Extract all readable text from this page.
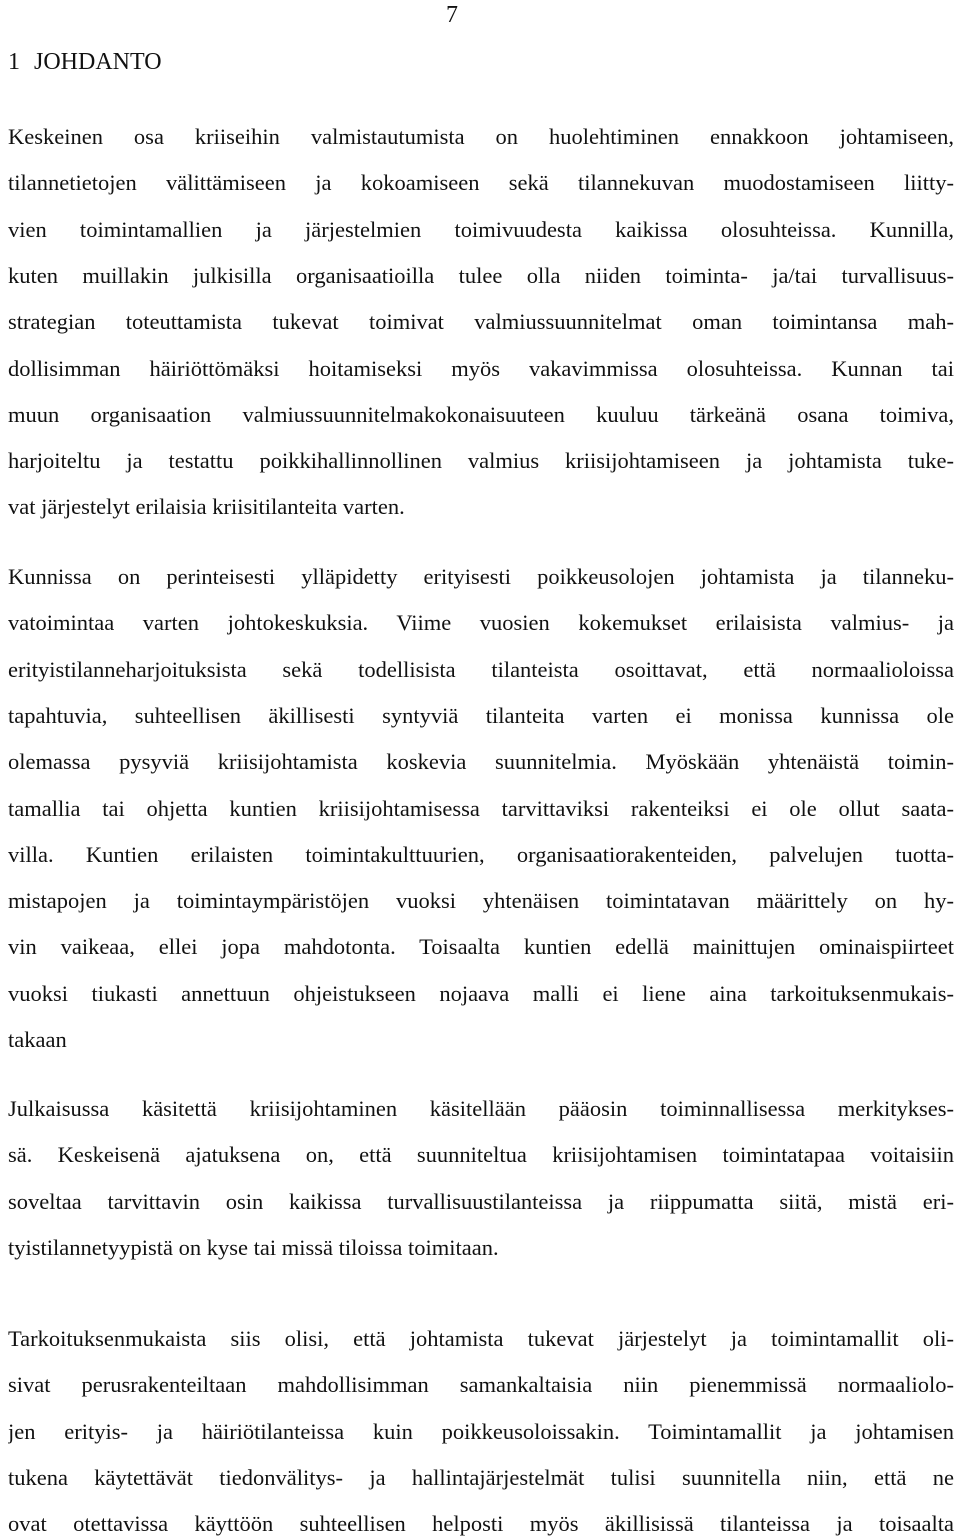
7
1 JOHDANTO
Keskeinen osa kriiseihin valmistautumista on huolehtiminen ennakkoon johtamiseen,
tilannetietojen välittämiseen ja kokoamiseen sekä tilannekuvan muodostamiseen liitty-
vien toimintamallien ja järjestelmien toimivuudesta kaikissa olosuhteissa. Kunnilla,
kuten muillakin julkisilla organisaatioilla tulee olla niiden toiminta- ja/tai turvallisuus-
strategian toteuttamista tukevat toimivat valmiussuunnitelmat oman toimintansa mah-
dollisimman häiriöttömäksi hoitamiseksi myös vakavimmissa olosuhteissa. Kunnan tai
muun organisaation valmiussuunnitelmakokonaisuuteen kuuluu tärkeänä osana toimiva,
harjoiteltu ja testattu poikkihallinnollinen valmius kriisijohtamiseen ja johtamista tuke-
vat järjestelyt erilaisia kriisitilanteita varten.
Kunnissa on perinteisesti ylläpidetty erityisesti poikkeusolojen johtamista ja tilanneku-
vatoimintaa varten johtokeskuksia. Viime vuosien kokemukset erilaisista valmius- ja
erityistilanneharjoituksista sekä todellisista tilanteista osoittavat, että normaalioloissa
tapahtuvia, suhteellisen äkillisesti syntyviä tilanteita varten ei monissa kunnissa ole
olemassa pysyviä kriisijohtamista koskevia suunnitelmia. Myöskään yhtenäistä toimin-
tamallia tai ohjetta kuntien kriisijohtamisessa tarvittaviksi rakenteiksi ei ole ollut saata-
villa. Kuntien erilaisten toimintakulttuurien, organisaatiorakenteiden, palvelujen tuotta-
mistapojen ja toimintaympäristöjen vuoksi yhtenäisen toimintatavan määrittely on hy-
vin vaikeaa, ellei jopa mahdotonta. Toisaalta kuntien edellä mainittujen ominaispiirteet
vuoksi tiukasti annettuun ohjeistukseen nojaava malli ei liene aina tarkoituksenmukais-
takaan
Julkaisussa käsitettä kriisijohtaminen käsitellään pääosin toiminnallisessa merkitykses-
sä. Keskeisenä ajatuksena on, että suunniteltua kriisijohtamisen toimintatapaa voitaisiin
soveltaa tarvittavin osin kaikissa turvallisuustilanteissa ja riippumatta siitä, mistä eri-
tyistilannetyypistä on kyse tai missä tiloissa toimitaan.
Tarkoituksenmukaista siis olisi, että johtamista tukevat järjestelyt ja toimintamallit oli-
sivat perusrakenteiltaan mahdollisimman samankaltaisia niin pienemmissä normaaliolo-
jen erityis- ja häiriötilanteissa kuin poikkeusoloissakin. Toimintamallit ja johtamisen
tukena käytettävät tiedonvälitys- ja hallintajärjestelmät tulisi suunnitella niin, että ne
ovat otettavissa käyttöön suhteellisen helposti myös äkillisissä tilanteissa ja toisaalta
